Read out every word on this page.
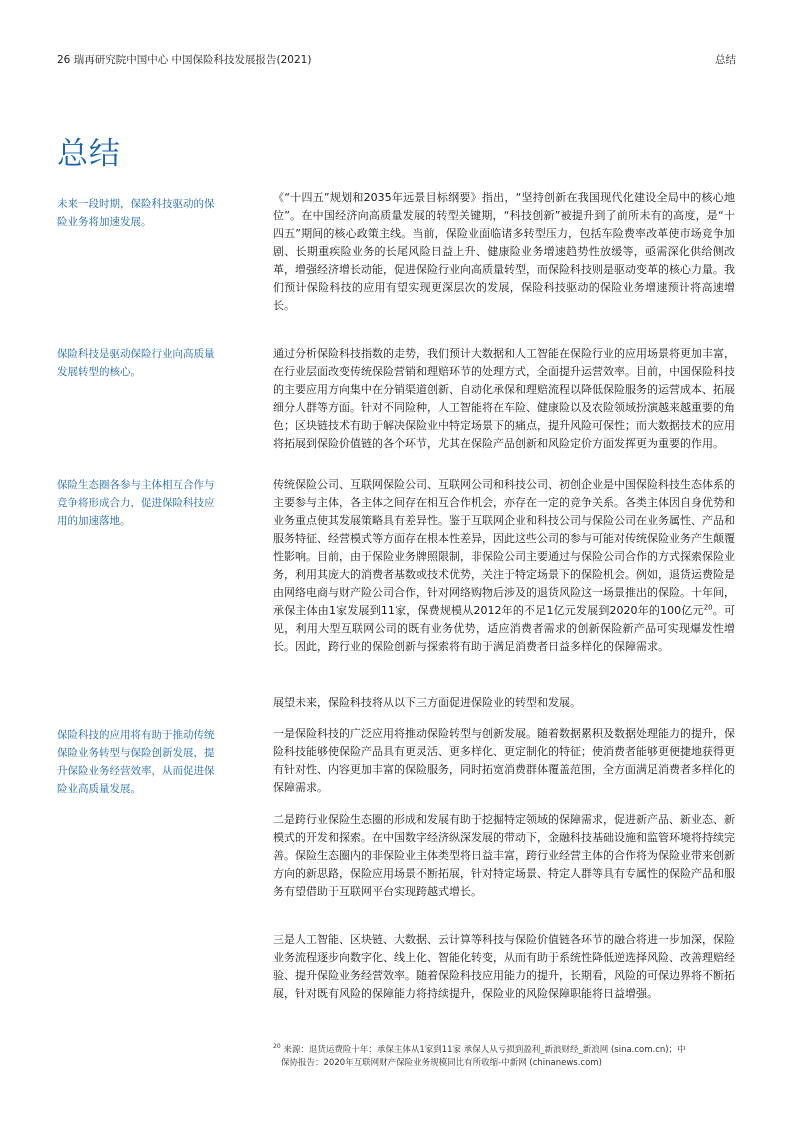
26 瑞再研究院中国中心 中国保险科技发展报告(2021)	总结
总结
未来一段时期，保险科技驱动的保险业务将加速发展。
保险科技是驱动保险行业向高质量发展转型的核心。
保险生态圈各参与主体相互合作与竞争将形成合力，促进保险科技应用的加速落地。
保险科技的应用将有助于推动传统保险业务转型与保险创新发展，提升保险业务经营效率，从而促进保险业高质量发展。

《“十四五”规划和2035年远景目标纲要》指出，“坚持创新在我国现代化建设全局中的核心地位”。在中国经济向高质量发展的转型关键期，“科技创新”被提升到了前所未有的高度，是“十四五”期间的核心政策主线。当前，保险业面临诸多转型压力，包括车险费率改革使市场竞争加剧、长期重疾险业务的长尾风险日益上升、健康险业务增速趋势性放缓等，亟需深化供给侧改革，增强经济增长动能，促进保险行业向高质量转型，而保险科技则是驱动变革的核心力量。我们预计保险科技的应用有望实现更深层次的发展，保险科技驱动的保险业务增速预计将高速增长。

通过分析保险科技指数的走势，我们预计大数据和人工智能在保险行业的应用场景将更加丰富，在行业层面改变传统保险营销和理赔环节的处理方式，全面提升运营效率。目前，中国保险科技的主要应用方向集中在分销渠道创新、自动化承保和理赔流程以降低保险服务的运营成本、拓展细分人群等方面。针对不同险种，人工智能将在车险、健康险以及农险领域扮演越来越重要的角色；区块链技术有助于解决保险业中特定场景下的痛点，提升风险可保性；而大数据技术的应用将拓展到保险价值链的各个环节，尤其在保险产品创新和风险定价方面发挥更为重要的作用。

传统保险公司、互联网保险公司、互联网公司和科技公司、初创企业是中国保险科技生态体系的主要参与主体，各主体之间存在相互合作机会，亦存在一定的竞争关系。各类主体因自身优势和业务重点使其发展策略具有差异性。鉴于互联网企业和科技公司与保险公司在业务属性、产品和服务特征、经营模式等方面存在根本性差异，因此这些公司的参与可能对传统保险业务产生颠覆性影响。目前，由于保险业务牌照限制，非保险公司主要通过与保险公司合作的方式探索保险业务，利用其庞大的消费者基数或技术优势，关注于特定场景下的保险机会。例如，退货运费险是由网络电商与财产险公司合作，针对网络购物后涉及的退货风险这一场景推出的保险。十年间，承保主体由1家发展到11家，保费规模从2012年的不足1亿元发展到2020年的100亿元$^{20}$。可见，利用大型互联网公司的既有业务优势，适应消费者需求的创新保险新产品可实现爆发性增长。因此，跨行业的保险创新与探索将有助于满足消费者日益多样化的保障需求。

展望未来，保险科技将从以下三方面促进保险业的转型和发展。

一是保险科技的广泛应用将推动保险转型与创新发展。随着数据累积及数据处理能力的提升，保险科技能够使保险产品具有更灵活、更多样化、更定制化的特征；使消费者能够更便捷地获得更有针对性、内容更加丰富的保险服务，同时拓宽消费群体覆盖范围，全方面满足消费者多样化的保障需求。

二是跨行业保险生态圈的形成和发展有助于挖掘特定领域的保障需求，促进新产品、新业态、新模式的开发和探索。在中国数字经济纵深发展的带动下，金融科技基础设施和监管环境将持续完善。保险生态圈内的非保险业主体类型将日益丰富，跨行业经营主体的合作将为保险业带来创新方向的新思路，保险应用场景不断拓展，针对特定场景、特定人群等具有专属性的保险产品和服务有望借助于互联网平台实现跨越式增长。

三是人工智能、区块链、大数据、云计算等科技与保险价值链各环节的融合将进一步加深，保险业务流程逐步向数字化、线上化、智能化转变，从而有助于系统性降低逆选择风险、改善理赔经验、提升保险业务经营效率。随着保险科技应用能力的提升，长期看，风险的可保边界将不断拓展，针对既有风险的保障能力将持续提升，保险业的风险保障职能将日益增强。

$^{20}$ 来源：退货运费险十年：承保主体从1家到11家 承保人从亏损到盈利_新浪财经_新浪网 (sina.com.cn)；中
保协报告：2020年互联网财产保险业务规模同比有所收缩-中新网 (chinanews.com)
